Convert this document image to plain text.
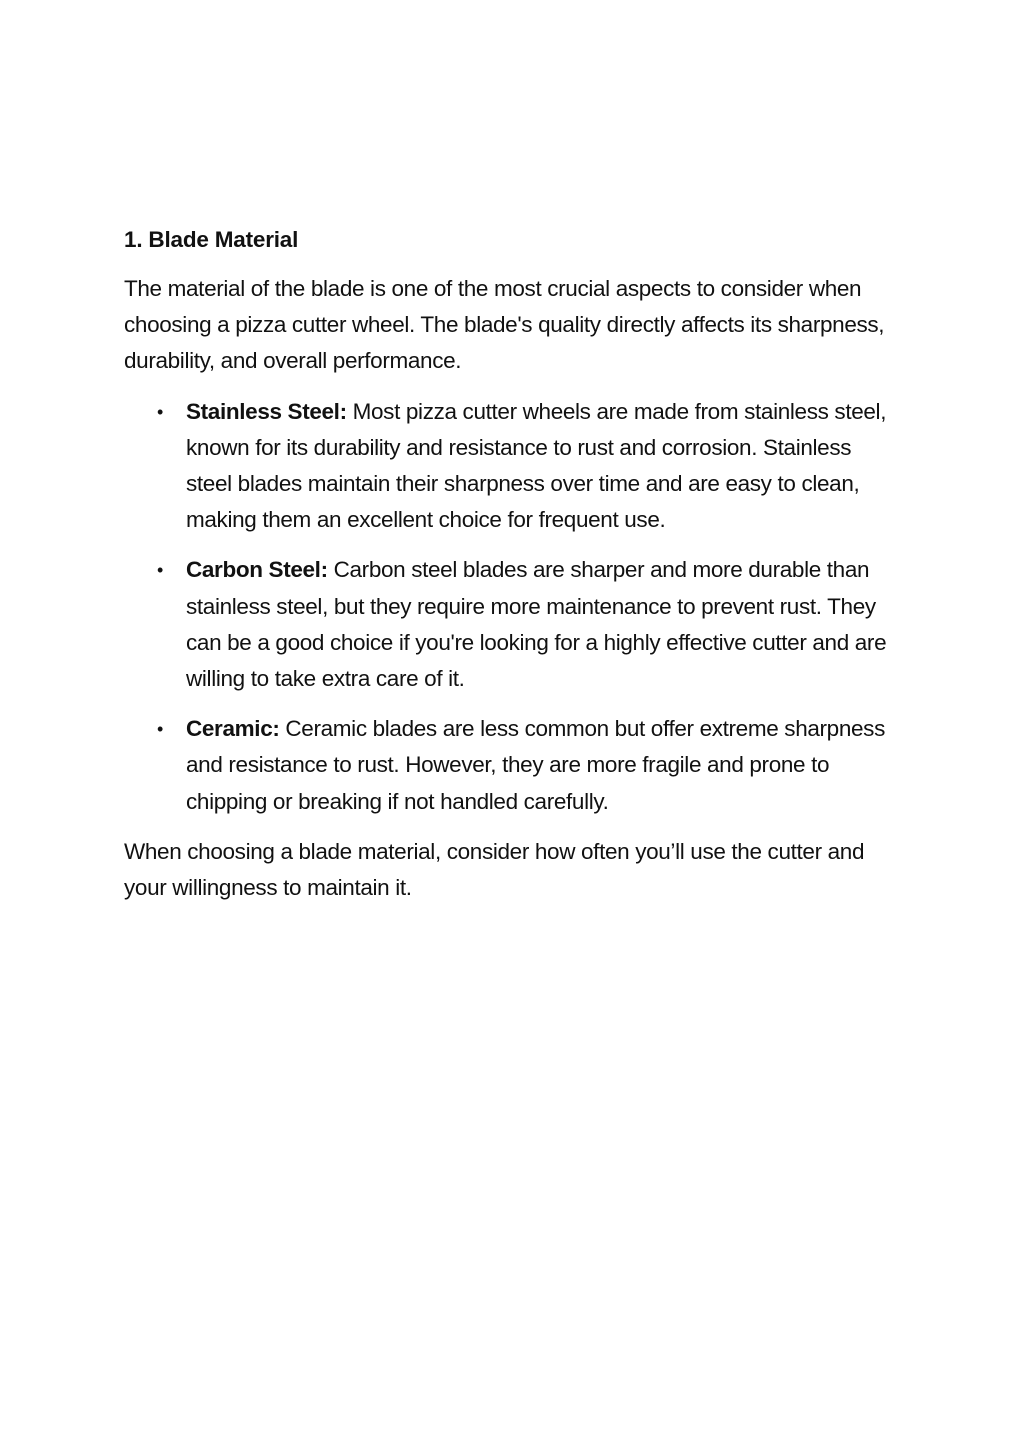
1. Blade Material

The material of the blade is one of the most crucial aspects to consider when choosing a pizza cutter wheel. The blade's quality directly affects its sharpness, durability, and overall performance.

• Stainless Steel: Most pizza cutter wheels are made from stainless steel, known for its durability and resistance to rust and corrosion. Stainless steel blades maintain their sharpness over time and are easy to clean, making them an excellent choice for frequent use.
• Carbon Steel: Carbon steel blades are sharper and more durable than stainless steel, but they require more maintenance to prevent rust. They can be a good choice if you're looking for a highly effective cutter and are willing to take extra care of it.
• Ceramic: Ceramic blades are less common but offer extreme sharpness and resistance to rust. However, they are more fragile and prone to chipping or breaking if not handled carefully.

When choosing a blade material, consider how often you’ll use the cutter and your willingness to maintain it.
